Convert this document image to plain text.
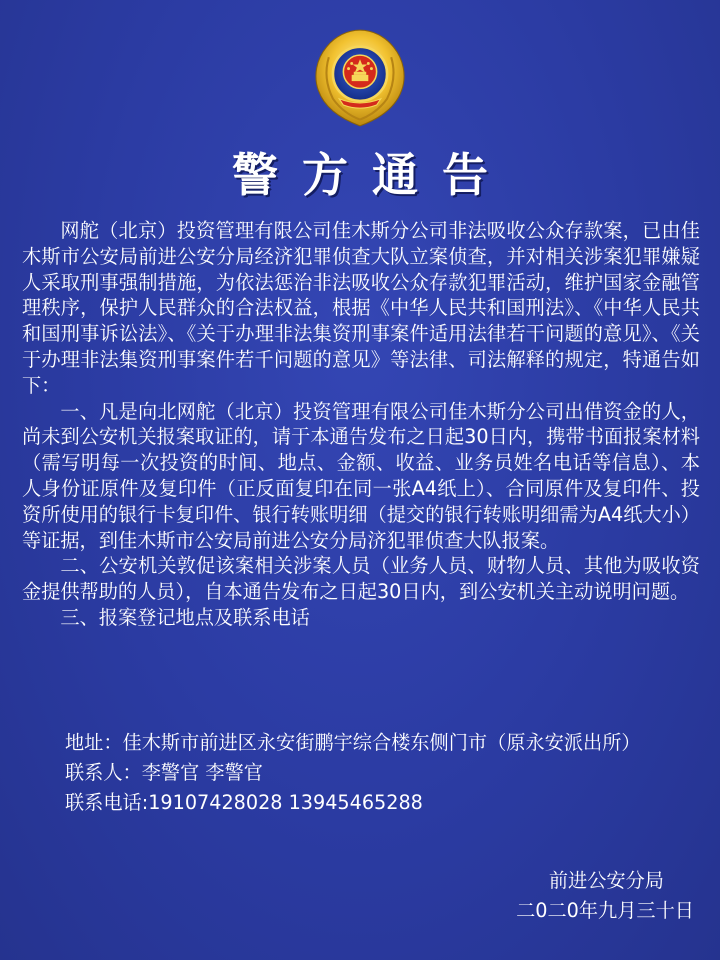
警方通告

网舵（北京）投资管理有限公司佳木斯分公司非法吸收公众存款案，已由佳木斯市公安局前进公安分局经济犯罪侦查大队立案侦查，并对相关涉案犯罪嫌疑人采取刑事强制措施，为依法惩治非法吸收公众存款犯罪活动，维护国家金融管理秩序，保护人民群众的合法权益，根据《中华人民共和国刑法》、《中华人民共和国刑事诉讼法》、《关于办理非法集资刑事案件适用法律若干问题的意见》、《关于办理非法集资刑事案件若千问题的意见》等法律、司法解释的规定，特通告如下：

一、凡是向北网舵（北京）投资管理有限公司佳木斯分公司出借资金的人，尚未到公安机关报案取证的，请于本通告发布之日起30日内，携带书面报案材料（需写明每一次投资的时间、地点、金额、收益、业务员姓名电话等信息）、本人身份证原件及复印件（正反面复印在同一张A4纸上）、合同原件及复印件、投资所使用的银行卡复印件、银行转账明细（提交的银行转账明细需为A4纸大小）等证据，到佳木斯市公安局前进公安分局济犯罪侦查大队报案。

二、公安机关敦促该案相关涉案人员（业务人员、财物人员、其他为吸收资金提供帮助的人员），自本通告发布之日起30日内，到公安机关主动说明问题。

三、报案登记地点及联系电话

地址：佳木斯市前进区永安街鹏宇综合楼东侧门市（原永安派出所）
联系人：李警官 李警官
联系电话:19107428028 13945465288
前进公安分局
二0二0年九月三十日
